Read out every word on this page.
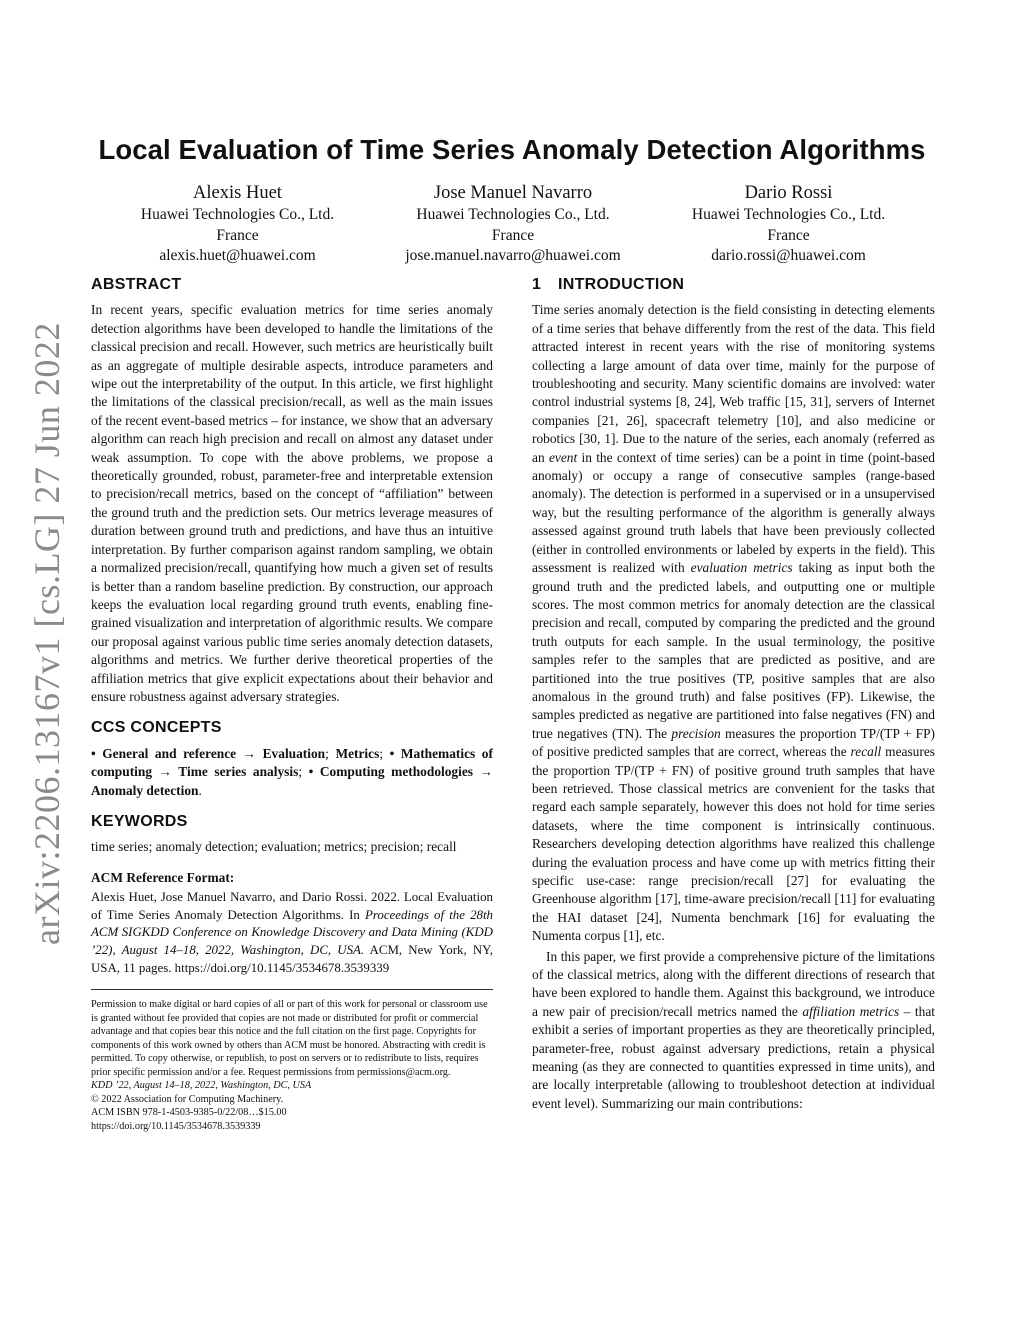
arXiv:2206.13167v1 [cs.LG] 27 Jun 2022
Local Evaluation of Time Series Anomaly Detection Algorithms
Alexis Huet
Huawei Technologies Co., Ltd.
France
alexis.huet@huawei.com
Jose Manuel Navarro
Huawei Technologies Co., Ltd.
France
jose.manuel.navarro@huawei.com
Dario Rossi
Huawei Technologies Co., Ltd.
France
dario.rossi@huawei.com
ABSTRACT

In recent years, specific evaluation metrics for time series anomaly detection algorithms have been developed to handle the limitations of the classical precision and recall. However, such metrics are heuristically built as an aggregate of multiple desirable aspects, introduce parameters and wipe out the interpretability of the output. In this article, we first highlight the limitations of the classical precision/recall, as well as the main issues of the recent event-based metrics – for instance, we show that an adversary algorithm can reach high precision and recall on almost any dataset under weak assumption. To cope with the above problems, we propose a theoretically grounded, robust, parameter-free and interpretable extension to precision/recall metrics, based on the concept of “affiliation” between the ground truth and the prediction sets. Our metrics leverage measures of duration between ground truth and predictions, and have thus an intuitive interpretation. By further comparison against random sampling, we obtain a normalized precision/recall, quantifying how much a given set of results is better than a random baseline prediction. By construction, our approach keeps the evaluation local regarding ground truth events, enabling fine-grained visualization and interpretation of algorithmic results. We compare our proposal against various public time series anomaly detection datasets, algorithms and metrics. We further derive theoretical properties of the affiliation metrics that give explicit expectations about their behavior and ensure robustness against adversary strategies.

CCS CONCEPTS

• General and reference → Evaluation; Metrics; • Mathematics of computing → Time series analysis; • Computing methodologies → Anomaly detection.

KEYWORDS

time series; anomaly detection; evaluation; metrics; precision; recall

ACM Reference Format:

Alexis Huet, Jose Manuel Navarro, and Dario Rossi. 2022. Local Evaluation of Time Series Anomaly Detection Algorithms. In Proceedings of the 28th ACM SIGKDD Conference on Knowledge Discovery and Data Mining (KDD ’22), August 14–18, 2022, Washington, DC, USA. ACM, New York, NY, USA, 11 pages. https://doi.org/10.1145/3534678.3539339

Permission to make digital or hard copies of all or part of this work for personal or classroom use is granted without fee provided that copies are not made or distributed for profit or commercial advantage and that copies bear this notice and the full citation on the first page. Copyrights for components of this work owned by others than ACM must be honored. Abstracting with credit is permitted. To copy otherwise, or republish, to post on servers or to redistribute to lists, requires prior specific permission and/or a fee. Request permissions from permissions@acm.org.

KDD ’22, August 14–18, 2022, Washington, DC, USA

© 2022 Association for Computing Machinery.

ACM ISBN 978-1-4503-9385-0/22/08…$15.00

https://doi.org/10.1145/3534678.3539339

1 INTRODUCTION

Time series anomaly detection is the field consisting in detecting elements of a time series that behave differently from the rest of the data. This field attracted interest in recent years with the rise of monitoring systems collecting a large amount of data over time, mainly for the purpose of troubleshooting and security. Many scientific domains are involved: water control industrial systems [8, 24], Web traffic [15, 31], servers of Internet companies [21, 26], spacecraft telemetry [10], and also medicine or robotics [30, 1]. Due to the nature of the series, each anomaly (referred as an event in the context of time series) can be a point in time (point-based anomaly) or occupy a range of consecutive samples (range-based anomaly). The detection is performed in a supervised or in a unsupervised way, but the resulting performance of the algorithm is generally always assessed against ground truth labels that have been previously collected (either in controlled environments or labeled by experts in the field). This assessment is realized with evaluation metrics taking as input both the ground truth and the predicted labels, and outputting one or multiple scores. The most common metrics for anomaly detection are the classical precision and recall, computed by comparing the predicted and the ground truth outputs for each sample. In the usual terminology, the positive samples refer to the samples that are predicted as positive, and are partitioned into the true positives (TP, positive samples that are also anomalous in the ground truth) and false positives (FP). Likewise, the samples predicted as negative are partitioned into false negatives (FN) and true negatives (TN). The precision measures the proportion TP/(TP + FP) of positive predicted samples that are correct, whereas the recall measures the proportion TP/(TP + FN) of positive ground truth samples that have been retrieved. Those classical metrics are convenient for the tasks that regard each sample separately, however this does not hold for time series datasets, where the time component is intrinsically continuous. Researchers developing detection algorithms have realized this challenge during the evaluation process and have come up with metrics fitting their specific use-case: range precision/recall [27] for evaluating the Greenhouse algorithm [17], time-aware precision/recall [11] for evaluating the HAI dataset [24], Numenta benchmark [16] for evaluating the Numenta corpus [1], etc.

In this paper, we first provide a comprehensive picture of the limitations of the classical metrics, along with the different directions of research that have been explored to handle them. Against this background, we introduce a new pair of precision/recall metrics named the affiliation metrics – that exhibit a series of important properties as they are theoretically principled, parameter-free, robust against adversary predictions, retain a physical meaning (as they are connected to quantities expressed in time units), and are locally interpretable (allowing to troubleshoot detection at individual event level). Summarizing our main contributions:
